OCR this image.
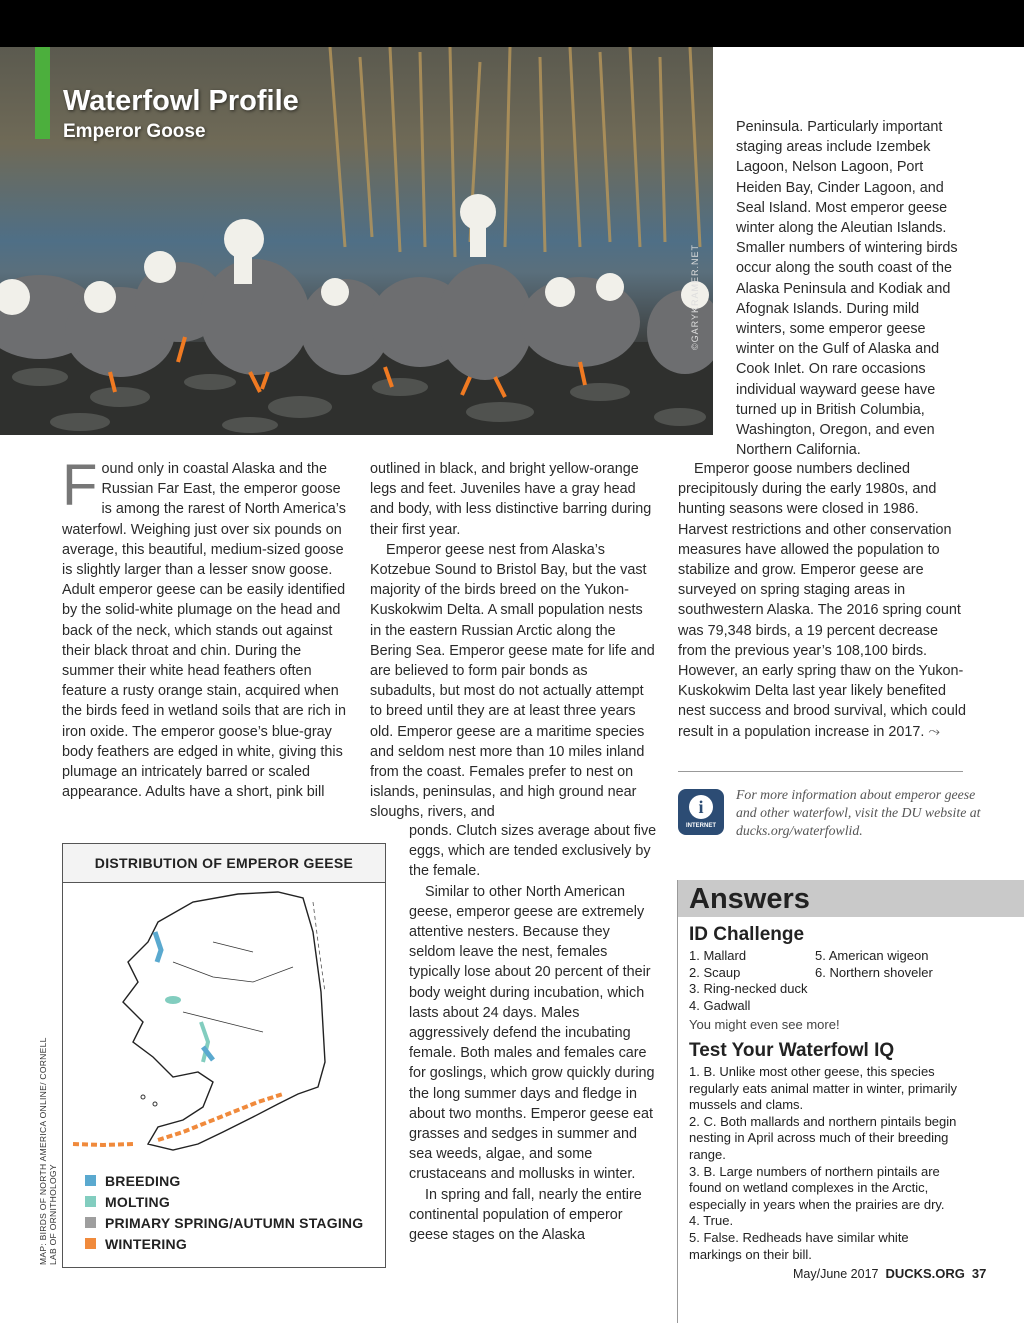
Waterfowl Profile
Emperor Goose
©GARYKRAMER.NET

Found only in coastal Alaska and the Russian Far East, the emperor goose is among the rarest of North America’s waterfowl. Weighing just over six pounds on average, this beautiful, medium-sized goose is slightly larger than a lesser snow goose. Adult emperor geese can be easily identified by the solid-white plumage on the head and back of the neck, which stands out against their black throat and chin. During the summer their white head feathers often feature a rusty orange stain, acquired when the birds feed in wetland soils that are rich in iron oxide. The emperor goose’s blue-gray body feathers are edged in white, giving this plumage an intricately barred or scaled appearance. Adults have a short, pink bill

outlined in black, and bright yellow-orange legs and feet. Juveniles have a gray head and body, with less distinctive barring during their first year.

Emperor geese nest from Alaska’s Kotzebue Sound to Bristol Bay, but the vast majority of the birds breed on the Yukon-Kuskokwim Delta. A small population nests in the eastern Russian Arctic along the Bering Sea. Emperor geese mate for life and are believed to form pair bonds as subadults, but most do not actually attempt to breed until they are at least three years old. Emperor geese are a maritime species and seldom nest more than 10 miles inland from the coast. Females prefer to nest on islands, peninsulas, and high ground near sloughs, rivers, and

ponds. Clutch sizes average about five eggs, which are tended exclusively by the female.

Similar to other North American geese, emperor geese are extremely attentive nesters. Because they seldom leave the nest, females typically lose about 20 percent of their body weight during incubation, which lasts about 24 days. Males aggressively defend the incubating female. Both males and females care for goslings, which grow quickly during the long summer days and fledge in about two months. Emperor geese eat grasses and sedges in summer and sea weeds, algae, and some crustaceans and mollusks in winter.

In spring and fall, nearly the entire continental population of emperor geese stages on the Alaska

Peninsula. Particularly important staging areas include Izembek Lagoon, Nelson Lagoon, Port Heiden Bay, Cinder Lagoon, and Seal Island. Most emperor geese winter along the Aleutian Islands. Smaller numbers of wintering birds occur along the south coast of the Alaska Peninsula and Kodiak and Afognak Islands. During mild winters, some emperor geese winter on the Gulf of Alaska and Cook Inlet. On rare occasions individual wayward geese have turned up in British Columbia, Washington, Oregon, and even Northern California.

Emperor goose numbers declined precipitously during the early 1980s, and hunting seasons were closed in 1986. Harvest restrictions and other conservation measures have allowed the population to stabilize and grow. Emperor geese are surveyed on spring staging areas in southwestern Alaska. The 2016 spring count was 79,348 birds, a 19 percent decrease from the previous year’s 108,100 birds. However, an early spring thaw on the Yukon-Kuskokwim Delta last year likely benefited nest success and brood survival, which could result in a population increase in 2017. ⤳

DISTRIBUTION OF EMPEROR GEESE
BREEDING
MOLTING
PRIMARY SPRING/AUTUMN STAGING
WINTERING
MAP: BIRDS OF NORTH AMERICA ONLINE/ CORNELL LAB OF ORNITHOLOGY
i
INTERNET
For more information about emperor geese and other waterfowl, visit the DU website at ducks.org/waterfowlid.
Answers
ID Challenge
1. Mallard	5. American wigeon
2. Scaup	6. Northern shoveler
3. Ring-necked duck
4. Gadwall
You might even see more!
Test Your Waterfowl IQ
1. B. Unlike most other geese, this species regularly eats animal matter in winter, primarily mussels and clams.
2. C. Both mallards and northern pintails begin nesting in April across much of their breeding range.
3. B. Large numbers of northern pintails are found on wetland complexes in the Arctic, especially in years when the prairies are dry.
4. True.
5. False. Redheads have similar white markings on their bill.
May/June 2017 DUCKS.ORG 37
